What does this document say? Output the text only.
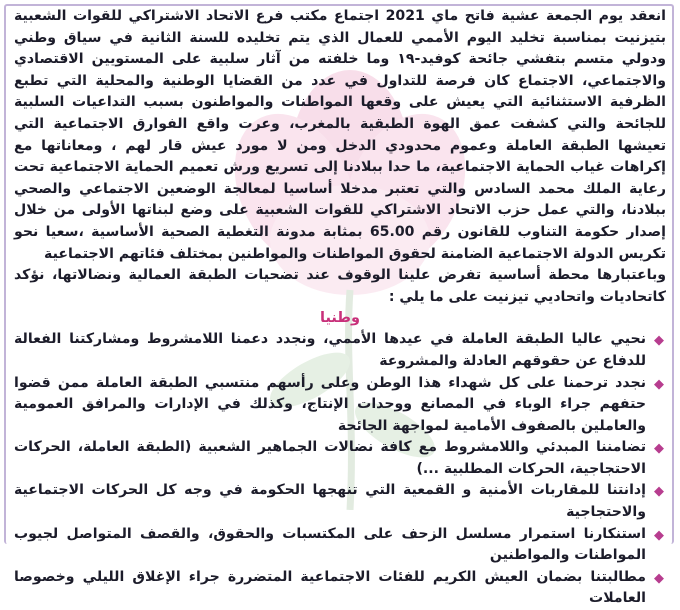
انعقد يوم الجمعة عشية فاتح ماي 2021 اجتماع مكتب فرع الاتحاد الاشتراكي للقوات الشعبية بتيزنيت بمناسبة تخليد اليوم الأممي للعمال الذي يتم تخليده للسنة الثانية في سياق وطني ودولي متسم بتفشي جائحة كوفيد-١٩ وما خلفته من آثار سلبية على المستويين الاقتصادي والاجتماعي، الاجتماع كان فرصة للتداول في عدد من القضايا الوطنية والمحلية التي تطبع الظرفية الاستثنائية التي يعيش على وقعها المواطنات والمواطنون بسبب التداعيات السلبية للجائحة والتي كشفت عمق الهوة الطبقية بالمغرب، وعرت واقع الفوارق الاجتماعية التي تعيشها الطبقة العاملة وعموم محدودي الدخل ومن لا مورد عيش قار لهم ، ومعاناتها مع إكراهات غياب الحماية الاجتماعية، ما حدا ببلادنا إلى تسريع ورش تعميم الحماية الاجتماعية تحت رعاية الملك محمد السادس والتي تعتبر مدخلا أساسيا لمعالجة الوضعين الاجتماعي والصحي ببلادنا، والتي عمل حزب الاتحاد الاشتراكي للقوات الشعبية على وضع لبناتها الأولى من خلال إصدار حكومة التناوب للقانون رقم 65.00 بمثابة مدونة التغطية الصحية الأساسية ،سعيا نحو تكريس الدولة الاجتماعية الضامنة لحقوق المواطنات والمواطنين بمختلف فئاتهم الاجتماعية

وباعتبارها محطة أساسية تفرض علينا الوقوف عند تضحيات الطبقة العمالية ونضالاتها، نؤكد كاتحاديات واتحاديي تيزنيت على ما يلي :

وطنيا

◆
نحيي عاليا الطبقة العاملة في عيدها الأممي، ونجدد دعمنا اللامشروط ومشاركتنا الفعالة للدفاع عن حقوقهم العادلة والمشروعة
◆
نجدد ترحمنا على كل شهداء هذا الوطن وعلى رأسهم منتسبي الطبقة العاملة ممن قضوا حتفهم جراء الوباء في المصانع ووحدات الإنتاج، وكذلك في الإدارات والمرافق العمومية والعاملين بالصفوف الأمامية لمواجهة الجائحة
◆
تضامننا المبدئي واللامشروط مع كافة نضالات الجماهير الشعبية (الطبقة العاملة، الحركات الاحتجاجية، الحركات المطلبية ...)
◆
إدانتنا للمقاربات الأمنية و القمعية التي تنهجها الحكومة في وجه كل الحركات الاجتماعية والاحتجاجية
◆
استنكارنا استمرار مسلسل الزحف على المكتسبات والحقوق، والقصف المتواصل لجيوب المواطنات والمواطنين
◆
مطالبتنا بضمان العيش الكريم للفئات الاجتماعية المتضررة جراء الإغلاق الليلي وخصوصا العاملات
